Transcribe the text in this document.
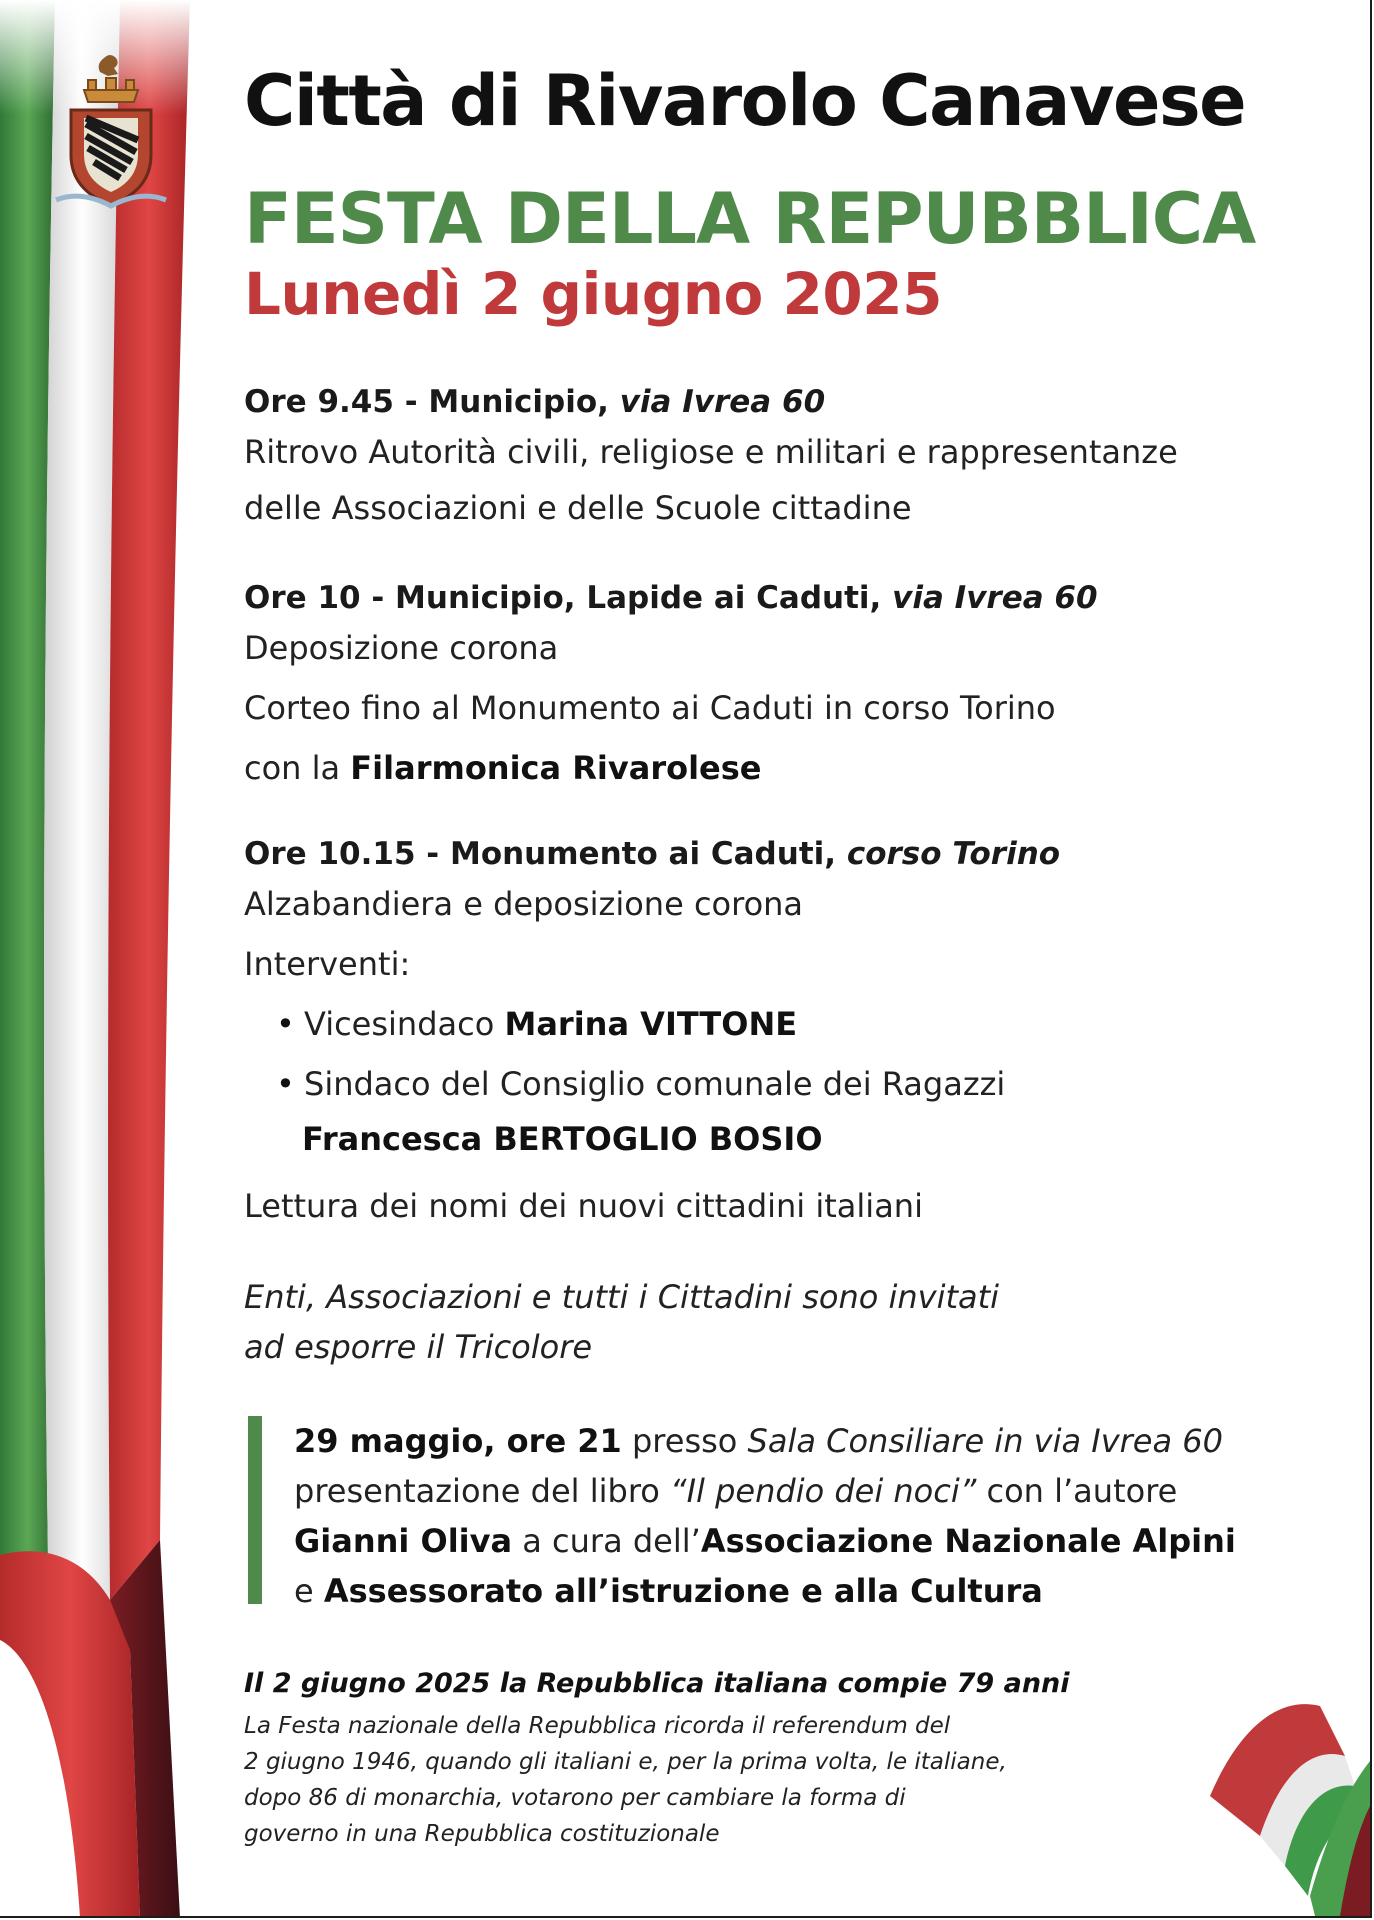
Città di Rivarolo Canavese
FESTA DELLA REPUBBLICA
Lunedì 2 giugno 2025
Ore 9.45 - Municipio, via Ivrea 60
Ritrovo Autorità civili, religiose e militari e rappresentanze
delle Associazioni e delle Scuole cittadine
Ore 10 - Municipio, Lapide ai Caduti, via Ivrea 60
Deposizione corona
Corteo fino al Monumento ai Caduti in corso Torino
con la Filarmonica Rivarolese
Ore 10.15 - Monumento ai Caduti, corso Torino
Alzabandiera e deposizione corona
Interventi:
• Vicesindaco Marina VITTONE
• Sindaco del Consiglio comunale dei Ragazzi
Francesca BERTOGLIO BOSIO
Lettura dei nomi dei nuovi cittadini italiani
Enti, Associazioni e tutti i Cittadini sono invitati
ad esporre il Tricolore
29 maggio, ore 21 presso Sala Consiliare in via Ivrea 60
presentazione del libro “Il pendio dei noci” con l’autore
Gianni Oliva a cura dell’Associazione Nazionale Alpini
e Assessorato all’istruzione e alla Cultura
Il 2 giugno 2025 la Repubblica italiana compie 79 anni
La Festa nazionale della Repubblica ricorda il referendum del
2 giugno 1946, quando gli italiani e, per la prima volta, le italiane,
dopo 86 di monarchia, votarono per cambiare la forma di
governo in una Repubblica costituzionale
